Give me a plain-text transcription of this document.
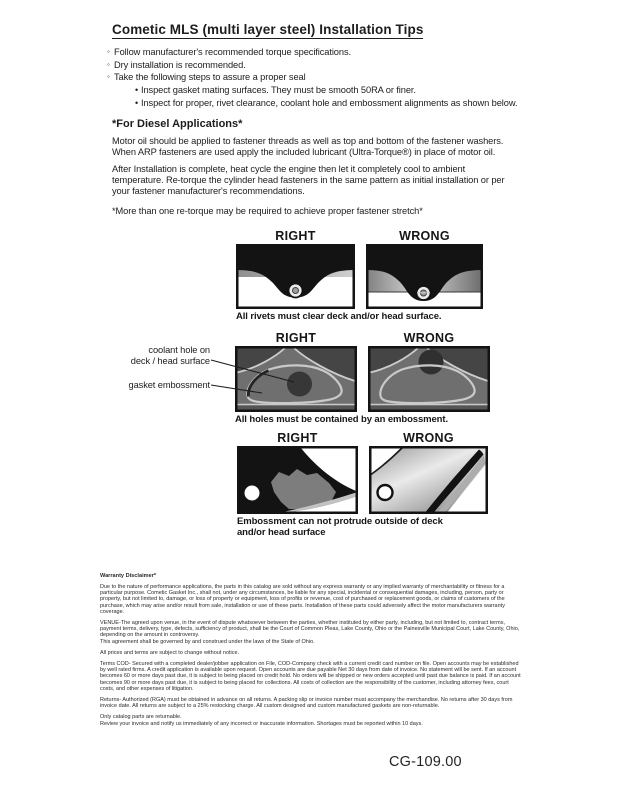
Cometic MLS (multi layer steel) Installation Tips
◦ Follow manufacturer's recommended torque specifications.
◦ Dry installation is recommended.
◦ Take the following steps to assure a proper seal
• Inspect gasket mating surfaces. They must be smooth 50RA or finer.
• Inspect for proper, rivet clearance, coolant hole and embossment alignments as shown below.
*For Diesel Applications*
Motor oil should be applied to fastener threads as well as top and bottom of the fastener washers. When ARP fasteners are used apply the included lubricant (Ultra-Torque®) in place of motor oil.
After Installation is complete, heat cycle the engine then let it completely cool to ambient temperature. Re-torque the cylinder head fasteners in the same pattern as initial installation or per your fastener manufacturer's recommendations.
*More than one re-torque may be required to achieve proper fastener stretch*
RIGHT	WRONG
All rivets must clear deck and/or head surface.
RIGHT	WRONG
All holes must be contained by an embossment.
coolant hole on
deck / head surface
gasket embossment
RIGHT	WRONG
Embossment can not protrude outside of deck
and/or head surface
Warranty Disclaimer*

Due to the nature of performance applications, the parts in this catalog are sold without any express warranty or any implied warranty of merchantability or fitness for a particular purpose. Cometic Gasket Inc., shall not, under any circumstances, be liable for any special, incidental or consequential damages, including, person, party or property, but not limited to, damage, or loss of property or equipment, loss of profits or revenue, cost of purchased or replacement goods, or claims of customers of the purchase, which may arise and/or result from sale, installation or use of these parts. Installation of these parts could adversely affect the motor manufacturers warranty coverage.

VENUE-The agreed upon venue, in the event of dispute whatsoever between the parties, whether instituted by either party, including, but not limited to, contract terms, payment terms, delivery, type, defects, sufficiency of product, shall be the Court of Common Pleas, Lake County, Ohio or the Painesville Municipal Court, Lake County, Ohio, depending on the amount in controversy.

This agreement shall be governed by and construed under the laws of the State of Ohio.

All prices and terms are subject to change without notice.

Terms COD- Secured with a completed dealer/jobber application on File, COD-Company check with a current credit card number on file. Open accounts may be established by well rated firms. A credit application is available upon request. Open accounts are due payable Net 30 days from date of invoice. No statement will be sent. If an account becomes 60 or more days past due, it is subject to being placed on credit hold. No orders will be shipped or new orders accepted until past due balance is paid. If an account becomes 90 or more days past due, it is subject to being placed for collections. All costs of collection are the responsibility of the customer, including attorney fees, court costs, and other expenses of litigation.

Returns- Authorized (RGA) must be obtained in advance on all returns. A packing slip or invoice number must accompany the merchandise. No returns after 30 days from invoice date. All returns are subject to a 25% restocking charge. All custom designed and custom manufactured gaskets are non-returnable.

Only catalog parts are returnable.

Review your invoice and notify us immediately of any incorrect or inaccurate information. Shortages must be reported within 10 days.

CG-109.00
